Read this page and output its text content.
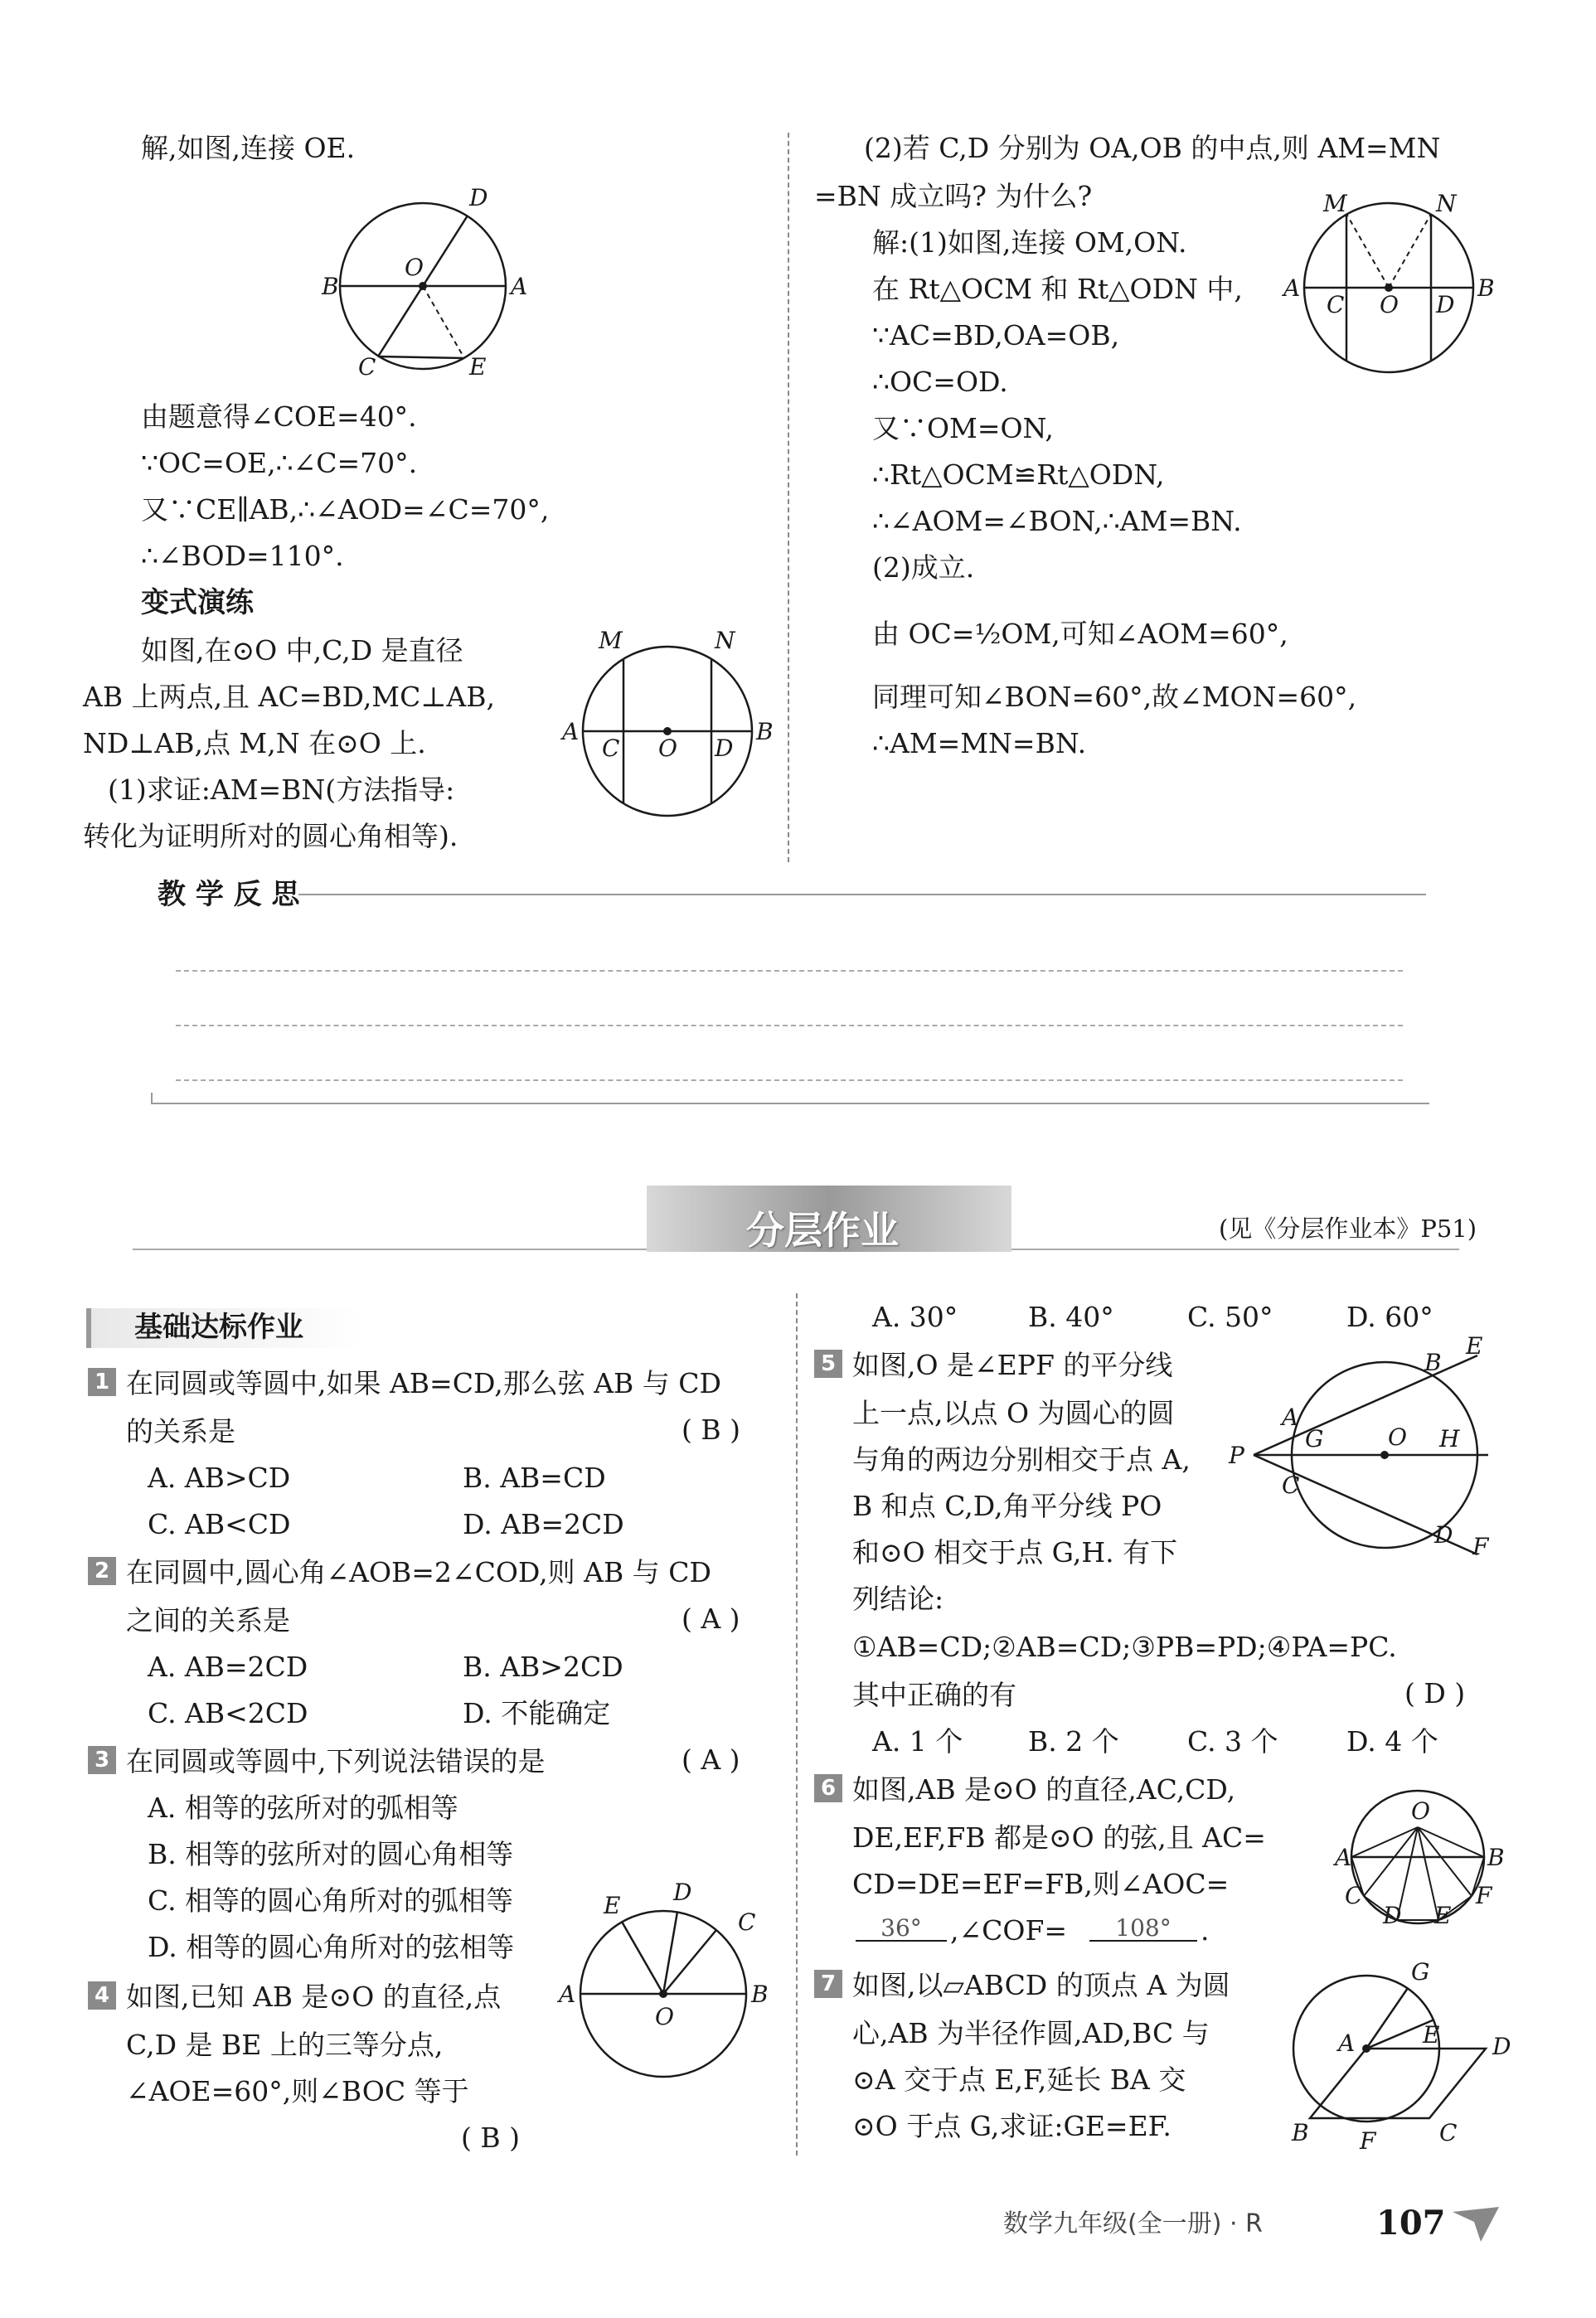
解,如图,连接 OE.
D
B
O
A
C	E
由题意得∠COE=40°.
∵OC=OE,∴∠C=70°.
又∵CE∥AB,∴∠AOD=∠C=70°,
∴∠BOD=110°.
变式演练
如图,在⊙O 中,C,D 是直径
AB 上两点,且 AC=BD,MC⊥AB,
ND⊥AB,点 M,N 在⊙O 上.
(1)求证:AM=BN(方法指导:
转化为证明所对的圆心角相等).
M	N
A
C O D
B
(2)若 C,D 分别为 OA,OB 的中点,则 AM=MN
=BN 成立吗? 为什么?
解:(1)如图,连接 OM,ON.
在 Rt△OCM 和 Rt△ODN 中,
∵AC=BD,OA=OB,
∴OC=OD.
又∵OM=ON,
∴Rt△OCM≌Rt△ODN,
∴∠AOM=∠BON,∴AM=BN.
(2)成立.
由 OC=½OM,可知∠AOM=60°,
同理可知∠BON=60°,故∠MON=60°,
∴AM=MN=BN.
M	N
A
C O D
B
教 学 反 思
分层作业	(见《分层作业本》P51)
基础达标作业
1 在同圆或等圆中,如果 AB=CD,那么弦 AB 与 CD
的关系是	( B )
A. AB>CD	B. AB=CD
C. AB<CD	D. AB=2CD
2 在同圆中,圆心角∠AOB=2∠COD,则 AB 与 CD
之间的关系是	( A )
A. AB=2CD	B. AB>2CD
C. AB<2CD	D. 不能确定
3 在同圆或等圆中,下列说法错误的是	( A )
A. 相等的弦所对的弧相等
B. 相等的弦所对的圆心角相等
C. 相等的圆心角所对的弧相等
D. 相等的圆心角所对的弦相等
4 如图,已知 AB 是⊙O 的直径,点
C,D 是 BE 上的三等分点,
∠AOE=60°,则∠BOC 等于
( B )
E D
C
A
O
B
A. 30°	B. 40°	C. 50°	D. 60°
5 如图,O 是∠EPF 的平分线
上一点,以点 O 为圆心的圆
与角的两边分别相交于点 A,
B 和点 C,D,角平分线 PO
和⊙O 相交于点 G,H. 有下
列结论:
①AB=CD;②AB=CD;③PB=PD;④PA=PC.
其中正确的有	( D )
A. 1 个 B. 2 个 C. 3 个 D. 4 个
B
E
A
G	O H
P
C
D F
6 如图,AB 是⊙O 的直径,AC,CD,
DE,EF,FB 都是⊙O 的弦,且 AC=
CD=DE=EF=FB,则∠AOC=
36°	,∠COF=	108°	.
O
A	B
C
D E
F
7 如图,以▱ABCD 的顶点 A 为圆
心,AB 为半径作圆,AD,BC 与
⊙A 交于点 E,F,延长 BA 交
⊙O 于点 G,求证:GE=EF.
G
A	E D
B F	C
数学九年级(全一册) · R	107
